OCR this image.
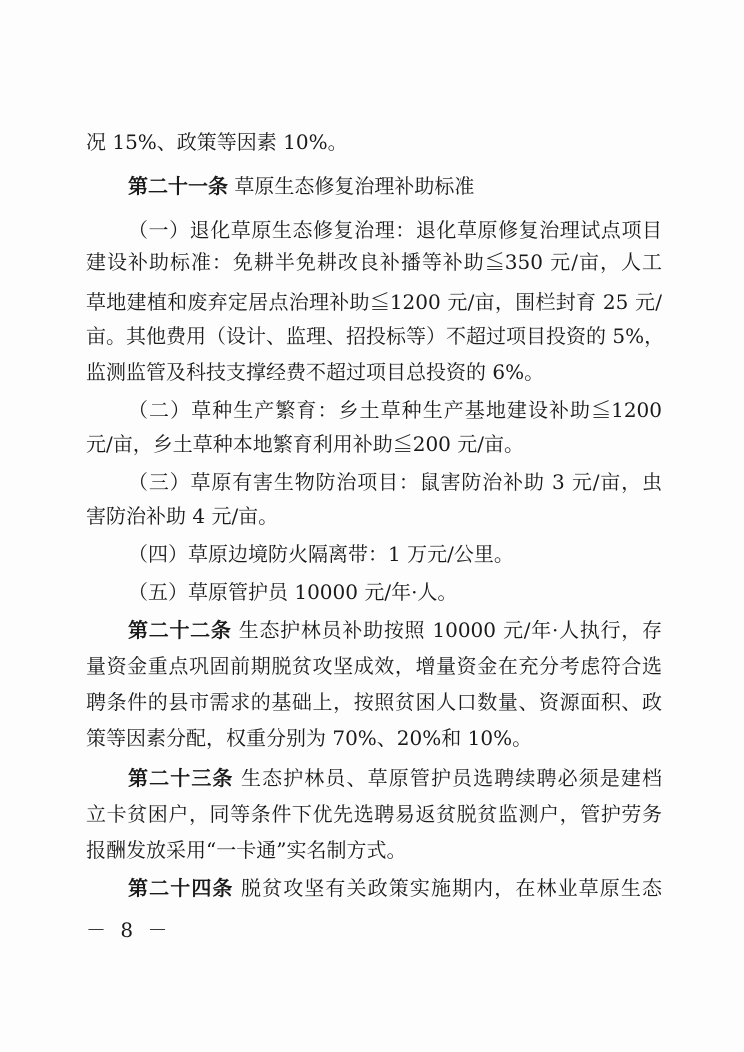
况 15%、政策等因素 10%。
第二十一条 草原生态修复治理补助标准
（一）退化草原生态修复治理：退化草原修复治理试点项目
建设补助标准：免耕半免耕改良补播等补助≦350 元/亩，人工
草地建植和废弃定居点治理补助≦1200 元/亩，围栏封育 25 元/
亩。其他费用（设计、监理、招投标等）不超过项目投资的 5%，
监测监管及科技支撑经费不超过项目总投资的 6%。
（二）草种生产繁育：乡土草种生产基地建设补助≦1200
元/亩，乡土草种本地繁育利用补助≦200 元/亩。
（三）草原有害生物防治项目：鼠害防治补助 3 元/亩，虫
害防治补助 4 元/亩。
（四）草原边境防火隔离带：1 万元/公里。
（五）草原管护员 10000 元/年·人。
第二十二条 生态护林员补助按照 10000 元/年·人执行，存
量资金重点巩固前期脱贫攻坚成效，增量资金在充分考虑符合选
聘条件的县市需求的基础上，按照贫困人口数量、资源面积、政
策等因素分配，权重分别为 70%、20%和 10%。
第二十三条 生态护林员、草原管护员选聘续聘必须是建档
立卡贫困户，同等条件下优先选聘易返贫脱贫监测户，管护劳务
报酬发放采用“一卡通”实名制方式。
第二十四条 脱贫攻坚有关政策实施期内，在林业草原生态
－ 8 －
